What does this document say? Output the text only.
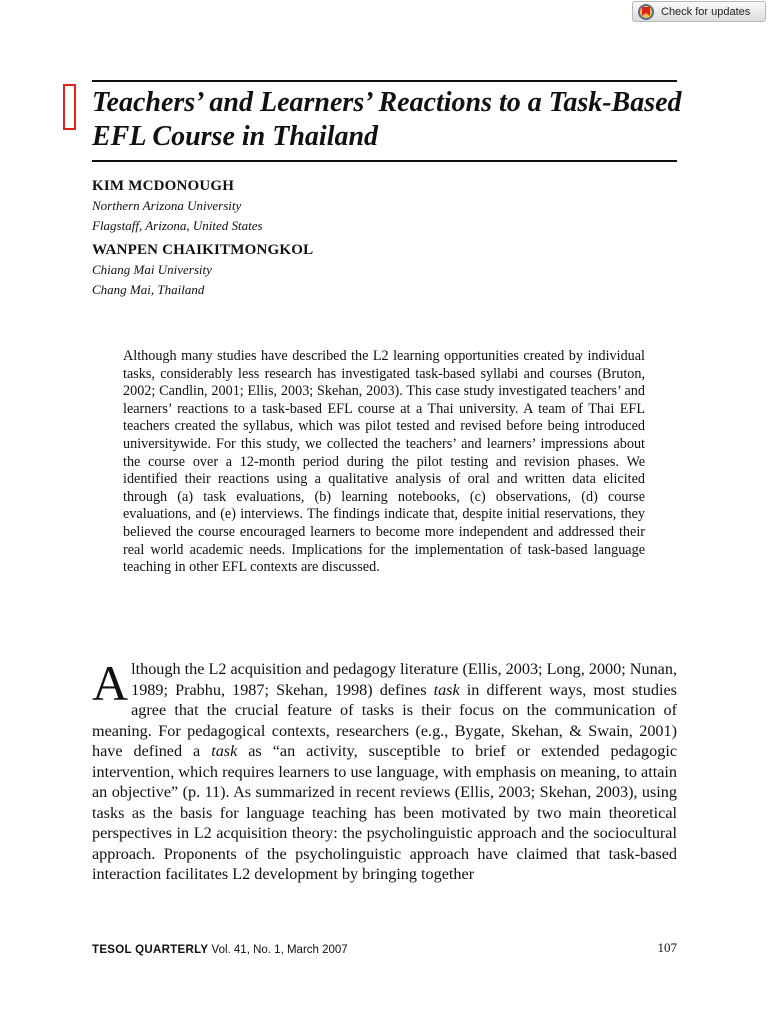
Check for updates
Teachers’ and Learners’ Reactions to a Task-Based EFL Course in Thailand
KIM MCDONOUGH
Northern Arizona University
Flagstaff, Arizona, United States
WANPEN CHAIKITMONGKOL
Chiang Mai University
Chang Mai, Thailand

Although many studies have described the L2 learning opportunities created by individual tasks, considerably less research has investigated task-based syllabi and courses (Bruton, 2002; Candlin, 2001; Ellis, 2003; Skehan, 2003). This case study investigated teachers’ and learners’ reactions to a task-based EFL course at a Thai university. A team of Thai EFL teachers created the syllabus, which was pilot tested and revised before being introduced universitywide. For this study, we collected the teachers’ and learners’ impressions about the course over a 12-month period during the pilot testing and revision phases. We identified their reactions using a qualitative analysis of oral and written data elicited through (a) task evaluations, (b) learning notebooks, (c) observations, (d) course evaluations, and (e) interviews. The findings indicate that, despite initial reservations, they believed the course encouraged learners to become more independent and addressed their real world academic needs. Implications for the implementation of task-based language teaching in other EFL contexts are discussed.

Although the L2 acquisition and pedagogy literature (Ellis, 2003; Long, 2000; Nunan, 1989; Prabhu, 1987; Skehan, 1998) defines task in different ways, most studies agree that the crucial feature of tasks is their focus on the communication of meaning. For pedagogical contexts, researchers (e.g., Bygate, Skehan, & Swain, 2001) have defined a task as “an activity, susceptible to brief or extended pedagogic intervention, which requires learners to use language, with emphasis on meaning, to attain an objective” (p. 11). As summarized in recent reviews (Ellis, 2003; Skehan, 2003), using tasks as the basis for language teaching has been motivated by two main theoretical perspectives in L2 acquisition theory: the psycholinguistic approach and the sociocultural approach. Proponents of the psycholinguistic approach have claimed that task-based interaction facilitates L2 development by bringing together

TESOL QUARTERLY Vol. 41, No. 1, March 2007	107
